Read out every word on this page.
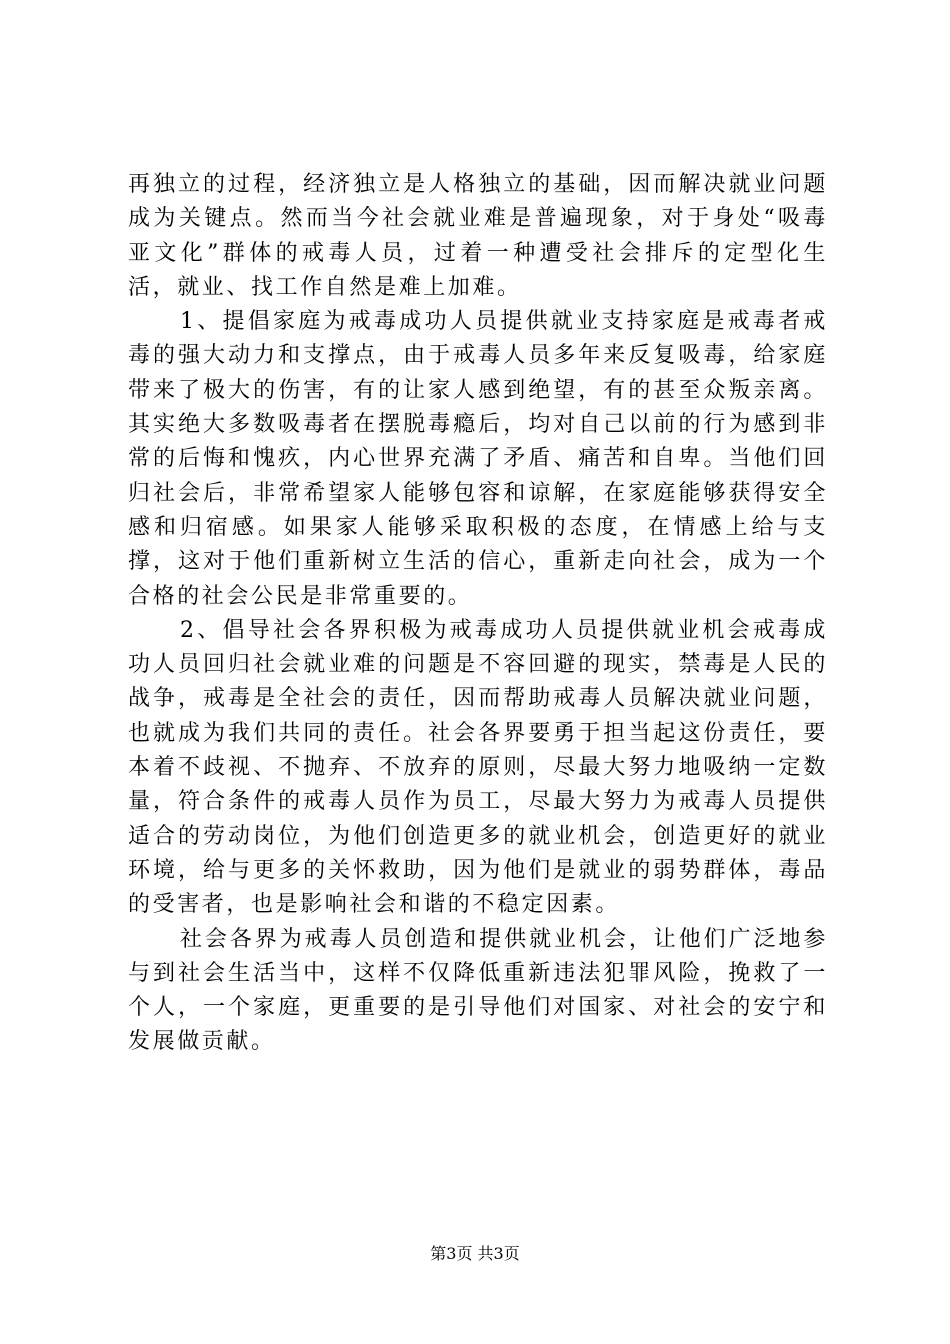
再独立的过程，经济独立是人格独立的基础，因而解决就业问题成为关键点。然而当今社会就业难是普遍现象，对于身处“吸毒亚文化”群体的戒毒人员，过着一种遭受社会排斥的定型化生活，就业、找工作自然是难上加难。

1、提倡家庭为戒毒成功人员提供就业支持家庭是戒毒者戒毒的强大动力和支撑点，由于戒毒人员多年来反复吸毒，给家庭带来了极大的伤害，有的让家人感到绝望，有的甚至众叛亲离。其实绝大多数吸毒者在摆脱毒瘾后，均对自己以前的行为感到非常的后悔和愧疚，内心世界充满了矛盾、痛苦和自卑。当他们回归社会后，非常希望家人能够包容和谅解，在家庭能够获得安全感和归宿感。如果家人能够采取积极的态度，在情感上给与支撑，这对于他们重新树立生活的信心，重新走向社会，成为一个合格的社会公民是非常重要的。

2、倡导社会各界积极为戒毒成功人员提供就业机会戒毒成功人员回归社会就业难的问题是不容回避的现实，禁毒是人民的战争，戒毒是全社会的责任，因而帮助戒毒人员解决就业问题，也就成为我们共同的责任。社会各界要勇于担当起这份责任，要本着不歧视、不抛弃、不放弃的原则，尽最大努力地吸纳一定数量，符合条件的戒毒人员作为员工，尽最大努力为戒毒人员提供适合的劳动岗位，为他们创造更多的就业机会，创造更好的就业环境，给与更多的关怀救助，因为他们是就业的弱势群体，毒品的受害者，也是影响社会和谐的不稳定因素。

社会各界为戒毒人员创造和提供就业机会，让他们广泛地参与到社会生活当中，这样不仅降低重新违法犯罪风险，挽救了一个人，一个家庭，更重要的是引导他们对国家、对社会的安宁和发展做贡献。

第3页 共3页
